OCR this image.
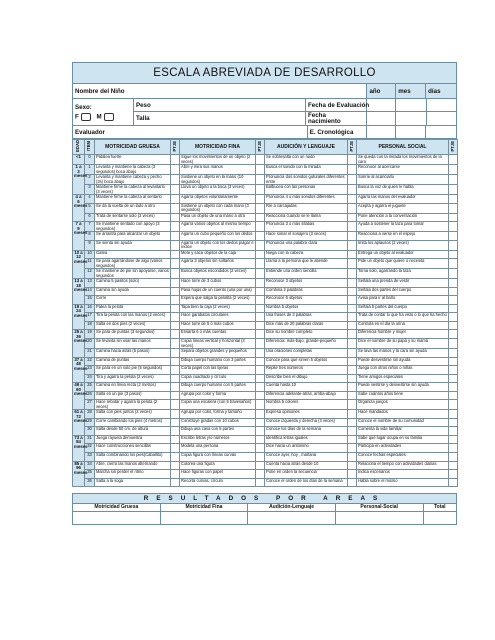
ESCALA ABREVIADA DE DESARROLLO
Nombre del Niño	año	mes	días
Sexo:
F	M
Peso
Talla
Fecha de Evaluación
Fecha
nacimiento
Evaluador	E. Cronológica
EDAD	ITEM	MOTRICIDAD GRUESA	PTJE	MOTRICIDAD FINA	PTJE	AUDICIÓN Y LENGUAJE	PTJE	PERSONAL SOCIAL	PTJE
<1	0	Patalea fuerte		Sigue los movimientos de un objeto (2 veces)		Se sobresalta con un ruido		Se queda con la mirada los movimientos de la cara	
1 a 3 meses	1	Levanta y mantiene la cabeza (3 segundos) boca abajo		Abre y mira sus manos		Busca el sonido con la mirada		Reconoce al acercarse	
	2	Levanta y mantiene cabeza y pecho (3s) boca abajo		Sostiene un objeto en la mano (10 segundos)		Pronuncia dos sonidos guturales diferentes entre		Sonríe al acariciarlo	
	3	Mantiene firme la cabeza al levantarlo (3 veces)		Lleva un objeto a la boca (3 veces)		Balbucea con las personas		Busca la voz de quien le habla	
4 a 6 meses	4	Mantiene firme la cabeza al sentarlo		Agarra objetos voluntariamente		Pronuncia 4 o más sonidos diferentes		Agarra las manos del evaluador	
	5	Se da la vuelta de un lado a otro		Sostiene un objeto con cada mano (3 segundos)		Ríe a carcajadas		Acepta y agarra el juguete	
	6	Trata de sentarse solo (2 veces)		Pasa un objeto de una mano a otra		Reacciona cuando se le llama		Pone atención a la conversación	
7 a 9 meses	7	Se mantiene sentado con apoyo (3 segundos)		Agarra varios objetos al mismo tiempo		Pronuncia 3 o más sílabas		Ayuda a sostener la taza para tomar	
	8	Se arrastra para alcanzar un objeto		Agarra un cubo pequeño con los dedos		Hace sonar el sonajero (3 veces)		Reacciona a verse en el espejo	
	9	Se sienta sin ayuda		Agarra un objeto con los dedos pulgar e índice		Pronuncia una palabra clara		Imita los aplausos (2 veces)	
10 a 12 meses	10	Gatea		Mete y saca objetos de la caja		Niega con la cabeza		Entrega un objeto al evaluador	
	11	Se para agarrándose de algo (varios segundos)		Agarra 3 objetos sin soltarlos		Llama a la persona que le atiende		Pide un objeto que quiere o necesita	
	12	Se mantiene de pie sin apoyarse, varios segundos		Busca objetos escondidos (2 veces)		Entiende una orden sencilla		Toma solo, agarrando la taza	
13 a 18 meses	13	Camina 5 pasitos (solo)		Hace torre de 3 cubos		Reconoce 3 objetos		Señala una prenda de vestir	
	14	Camina sin ayuda		Pasa hojas de un cuento (una por una)		Combina 2 palabras		Señala dos partes del cuerpo	
	15	Corre		Espera que salga la pelotita (2 veces)		Reconoce 6 objetos		Avisa para ir al baño	
19 a 24 meses	16	Patea la pelota		Tapa bien la caja (2 veces)		Nombra 5 objetos		Señala 5 partes del cuerpo	
	17	Tira la pelota con las manos (2 veces)		Hace garabatos circulares		Usa frases de 3 palabras		Trata de contar lo que ha visto o lo que ha hecho	
	18	Salta en dos pies (2 veces)		Hace torre de 5 ó más cubos		Dice más de 20 palabras claras		Controla en el día la orina	
25 a 36 meses	19	Se para de puntas (3 segundos)		Ensarta 6 ó más cuentas		Dice su nombre completo		Diferencia hombre y mujer	
	20	Se levanta sin usar las manos		Copia líneas vertical y horizontal (3 veces)		Diferencia: más-bajo, grande-pequeño		Dice el nombre de su papá y su mamá	
	21	Camina hacia atrás (5 pasos)		Separa objetos grandes y pequeños		Usa oraciones completas		Se lava las manos y la cara sin ayuda	
37 a 48 meses	22	Camina de puntas		Dibuja cuerpo humano con 3 partes		Conoce para qué sirven 5 objetos		Puede desvestirse sin ayuda	
	23	Se para en un solo pie (5 segundos)		Corta papel con las tijeras		Repite tres números		Juega con otros niños o niñas	
	24	Tira y agarra la pelota (2 veces)		Copia cuadrado y círculo		Describe bien el dibujo		Tiene amigos especiales	
49 a 60 meses	25	Camina en línea recta (2 metros)		Dibuja cuerpo humano con 5 partes		Cuenta hasta 10		Puede vestirse y desvestirse sin ayuda	
	26	Salta en un pie (3 pasos)		Agrupa por color y forma		Diferencia adelante-atrás, arriba-abajo		Sabe cuántos años tiene	
	27	Hace rebotar y agarra la pelota (2 veces)		Copia una escalera (con 5 travesaños)		Nombra 5 colores		Organiza juegos	
61 a 72 meses	28	Salta con pies juntos (2 veces)		Agrupa por color, forma y tamaño		Expresa opiniones		Hace mandados	
	29	Corre cambiando los pies (4 metros)		Construye gradas con 10 cubos		Conoce izquierda y derecha (3 veces)		Conoce el nombre de su comunidad	
	30	Salta desde 50 cm. de altura		Dibuja una casa con 5 partes		Conoce los días de la semana		Comenta la vida familiar	
73 a 84 meses	31	Juega rayuela demuestra		Escribe letras y/o números		Identifica letras iguales		Sabe qué lugar ocupa en su familia	
	32	Hace construcciones sencillas		Modela una persona		Dice hacia un antónimo		Participa en actividades	
	33	Salta combinando los pies(Caballito)		Copia figura con líneas curvas		Conoce ayer, hoy , mañana		Conoce fechas especiales	
85 a 96 meses	34	Abre, cierra las manos alternando		Colorea una figura		Cuenta hacia atrás desde 10		Relaciona el tiempo con actividades diarias	
	35	Marcha sin perder el ritmo		Hace figuras con papel		Pone en orden la secuencia		Indica escenarios	
	36	Salta a la soga		Recorta curvas, círculo		Conoce el orden de los días de la semana		Habla sobre el mismo	
RESULTADOS POR AREAS
Motricidad Gruesa	Motricidad Fina	Audición-Lenguaje	Personal-Social	Total
